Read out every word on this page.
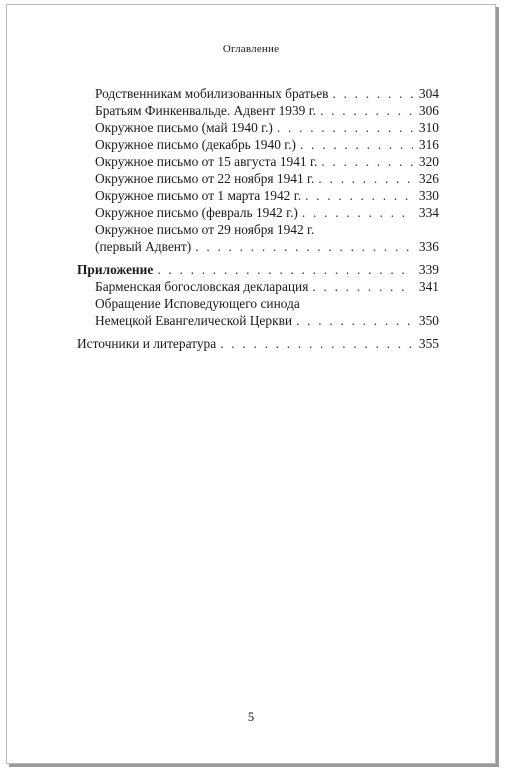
Оглавление
Родственникам мобилизованных братьев . . .	304
Братьям Финкенвальде. Адвент 1939 г. . . .	306
Окружное письмо (май 1940 г.) . . .	310
Окружное письмо (декабрь 1940 г.) . . .	316
Окружное письмо от 15 августа 1941 г. . . .	320
Окружное письмо от 22 ноября 1941 г. . . .	326
Окружное письмо от 1 марта 1942 г. . . .	330
Окружное письмо (февраль 1942 г.) . . .	334
Окружное письмо от 29 ноября 1942 г.
(первый Адвент) . . .	336
Приложение . . .	339
Барменская богословская декларация . . .	341
Обращение Исповедующего синода
Немецкой Евангелической Церкви . . .	350
Источники и литература . . .	355
5
